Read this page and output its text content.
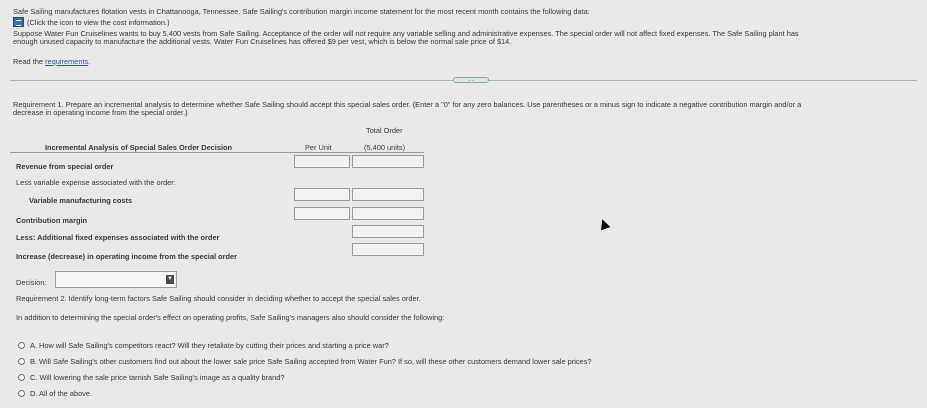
Safe Sailing manufactures flotation vests in Chattanooga, Tennessee. Safe Sailing's contribution margin income statement for the most recent month contains the following data:
(Click the icon to view the cost information.)
Suppose Water Fun Cruiselines wants to buy 5,400 vests from Safe Sailing. Acceptance of the order will not require any variable selling and administrative expenses. The special order will not affect fixed expenses. The Safe Sailing plant has
enough unused capacity to manufacture the additional vests. Water Fun Cruiselines has offered $9 per vest, which is below the normal sale price of $14.
Read the requirements.
.....
Requirement 1. Prepare an incremental analysis to determine whether Safe Sailing should accept this special sales order. (Enter a "0" for any zero balances. Use parentheses or a minus sign to indicate a negative contribution margin and/or a
decrease in operating income from the special order.)
Total Order
Incremental Analysis of Special Sales Order Decision	Per Unit	(5,400 units)
Revenue from special order
Less variable expense associated with the order:
Variable manufacturing costs
Contribution margin
Less: Additional fixed expenses associated with the order
Increase (decrease) in operating income from the special order
Decision:	▼
Requirement 2. Identify long-term factors Safe Sailing should consider in deciding whether to accept the special sales order.
In addition to determining the special order's effect on operating profits, Safe Sailing's managers also should consider the following:
A. How will Safe Sailing's competitors react? Will they retaliate by cutting their prices and starting a price war?
B. Will Safe Sailing's other customers find out about the lower sale price Safe Sailing accepted from Water Fun? If so, will these other customers demand lower sale prices?
C. Will lowering the sale price tarnish Safe Sailing's image as a quality brand?
D. All of the above.
